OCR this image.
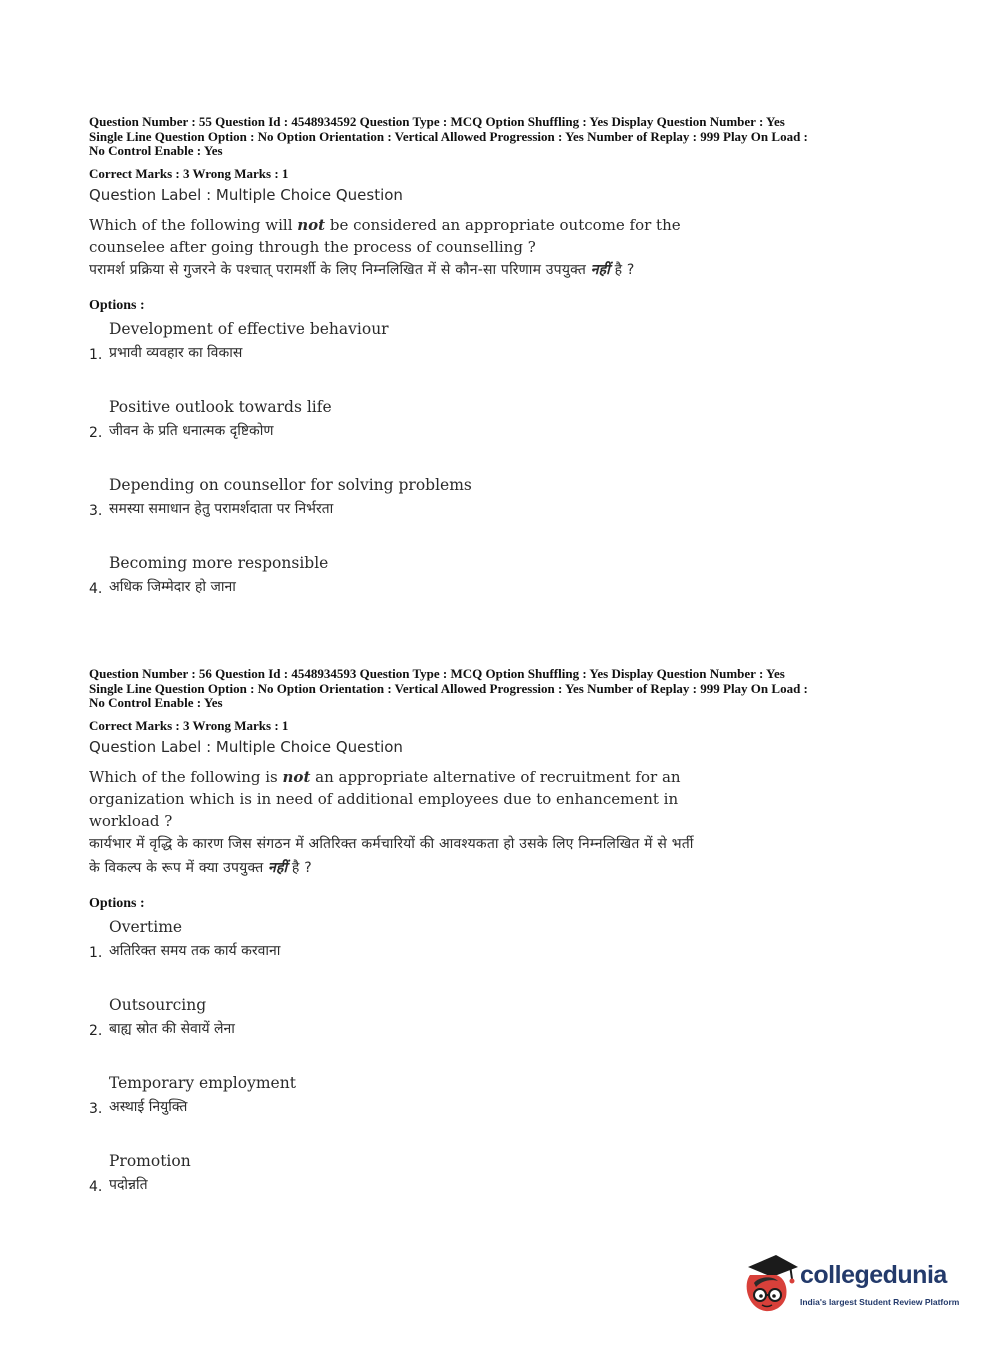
Question Number : 55 Question Id : 4548934592 Question Type : MCQ Option Shuffling : Yes Display Question Number : Yes
Single Line Question Option : No Option Orientation : Vertical Allowed Progression : Yes Number of Replay : 999 Play On Load :
No Control Enable : Yes
Correct Marks : 3 Wrong Marks : 1
Question Label : Multiple Choice Question
Which of the following will not be considered an appropriate outcome for the counselee after going through the process of counselling ?
परामर्श प्रक्रिया से गुजरने के पश्चात् परामर्शी के लिए निम्नलिखित में से कौन-सा परिणाम उपयुक्त नहीं है ?
Options :
1.
Development of effective behaviour
प्रभावी व्यवहार का विकास
2.
Positive outlook towards life
जीवन के प्रति धनात्मक दृष्टिकोण
3.
Depending on counsellor for solving problems
समस्या समाधान हेतु परामर्शदाता पर निर्भरता
4.
Becoming more responsible
अधिक जिम्मेदार हो जाना
Question Number : 56 Question Id : 4548934593 Question Type : MCQ Option Shuffling : Yes Display Question Number : Yes
Single Line Question Option : No Option Orientation : Vertical Allowed Progression : Yes Number of Replay : 999 Play On Load :
No Control Enable : Yes
Correct Marks : 3 Wrong Marks : 1
Question Label : Multiple Choice Question
Which of the following is not an appropriate alternative of recruitment for an organization which is in need of additional employees due to enhancement in workload ?
कार्यभार में वृद्धि के कारण जिस संगठन में अतिरिक्त कर्मचारियों की आवश्यकता हो उसके लिए निम्नलिखित में से भर्ती के विकल्प के रूप में क्या उपयुक्त नहीं है ?
Options :
1.
Overtime
अतिरिक्त समय तक कार्य करवाना
2.
Outsourcing
बाह्य स्रोत की सेवायें लेना
3.
Temporary employment
अस्थाई नियुक्ति
4.
Promotion
पदोन्नति
collegedunia
India's largest Student Review Platform
